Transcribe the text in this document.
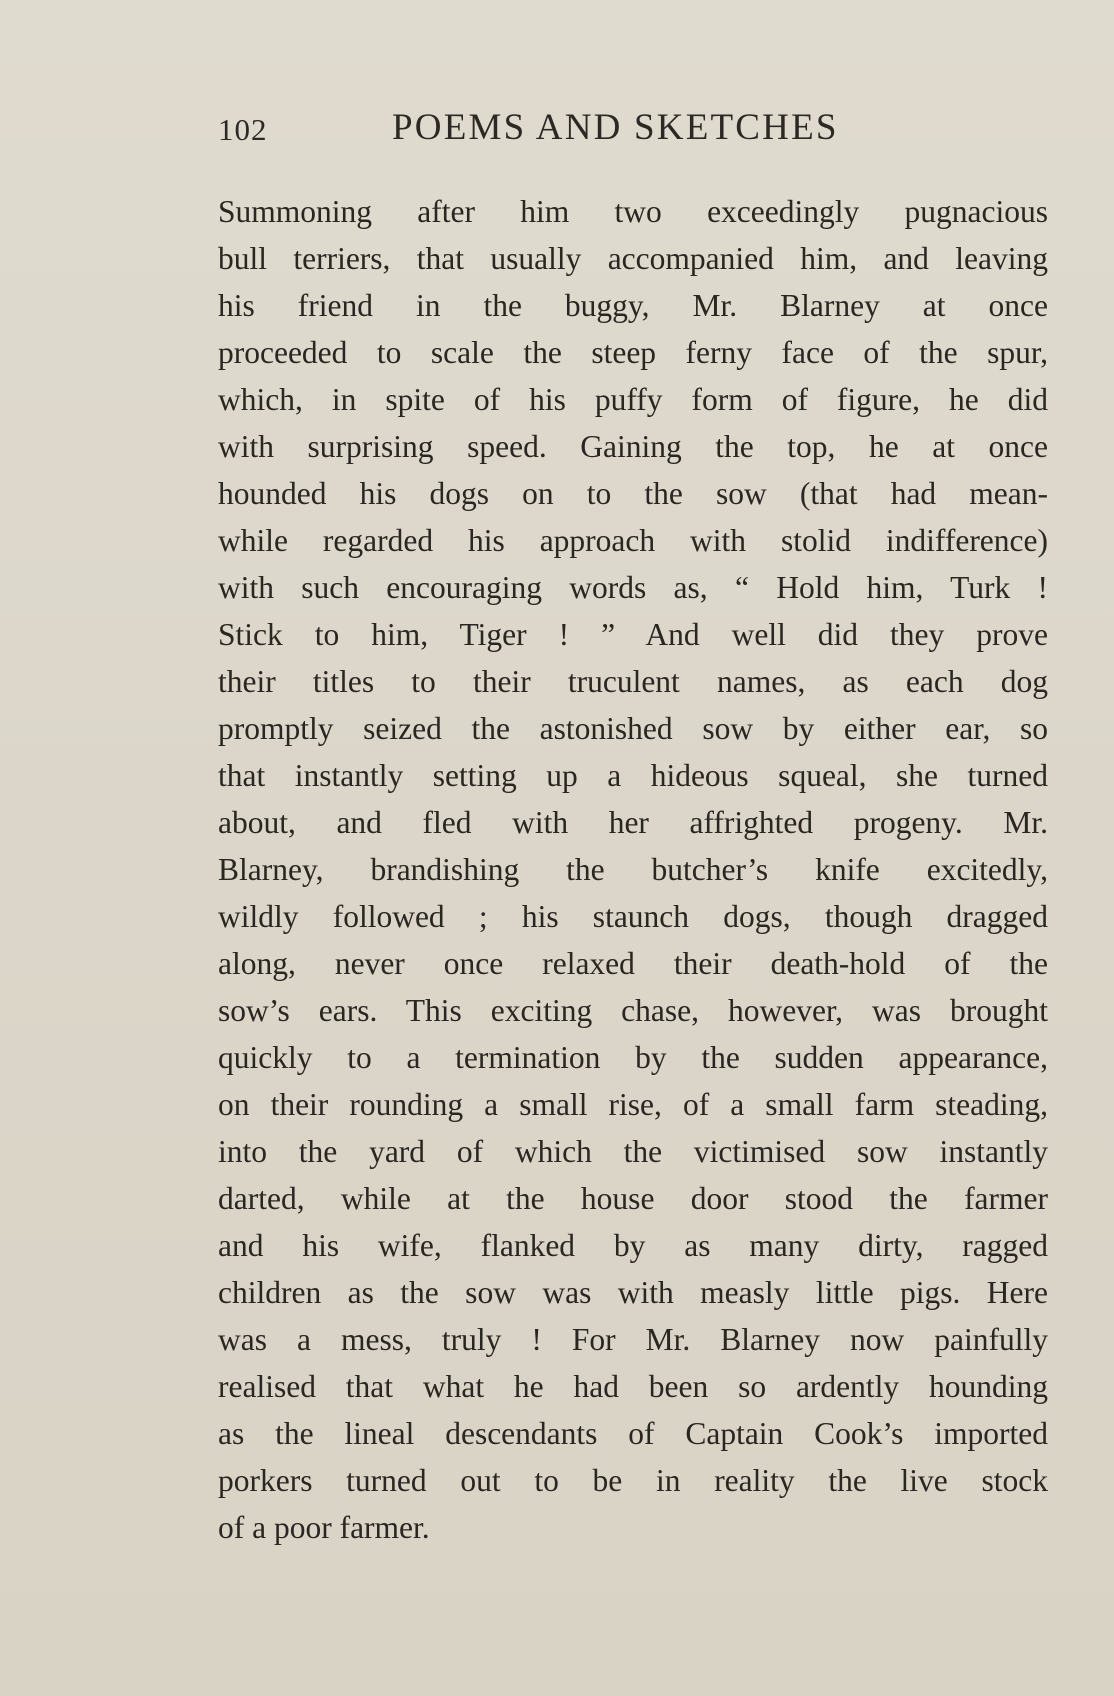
102	POEMS AND SKETCHES
Summoning after him two exceedingly pugnacious
bull terriers, that usually accompanied him, and leaving
his friend in the buggy, Mr. Blarney at once
proceeded to scale the steep ferny face of the spur,
which, in spite of his puffy form of figure, he did
with surprising speed. Gaining the top, he at once
hounded his dogs on to the sow (that had mean-
while regarded his approach with stolid indifference)
with such encouraging words as, “ Hold him, Turk !
Stick to him, Tiger ! ” And well did they prove
their titles to their truculent names, as each dog
promptly seized the astonished sow by either ear, so
that instantly setting up a hideous squeal, she turned
about, and fled with her affrighted progeny. Mr.
Blarney, brandishing the butcher’s knife excitedly,
wildly followed ; his staunch dogs, though dragged
along, never once relaxed their death-hold of the
sow’s ears. This exciting chase, however, was brought
quickly to a termination by the sudden appearance,
on their rounding a small rise, of a small farm steading,
into the yard of which the victimised sow instantly
darted, while at the house door stood the farmer
and his wife, flanked by as many dirty, ragged
children as the sow was with measly little pigs. Here
was a mess, truly ! For Mr. Blarney now painfully
realised that what he had been so ardently hounding
as the lineal descendants of Captain Cook’s imported
porkers turned out to be in reality the live stock
of a poor farmer.
